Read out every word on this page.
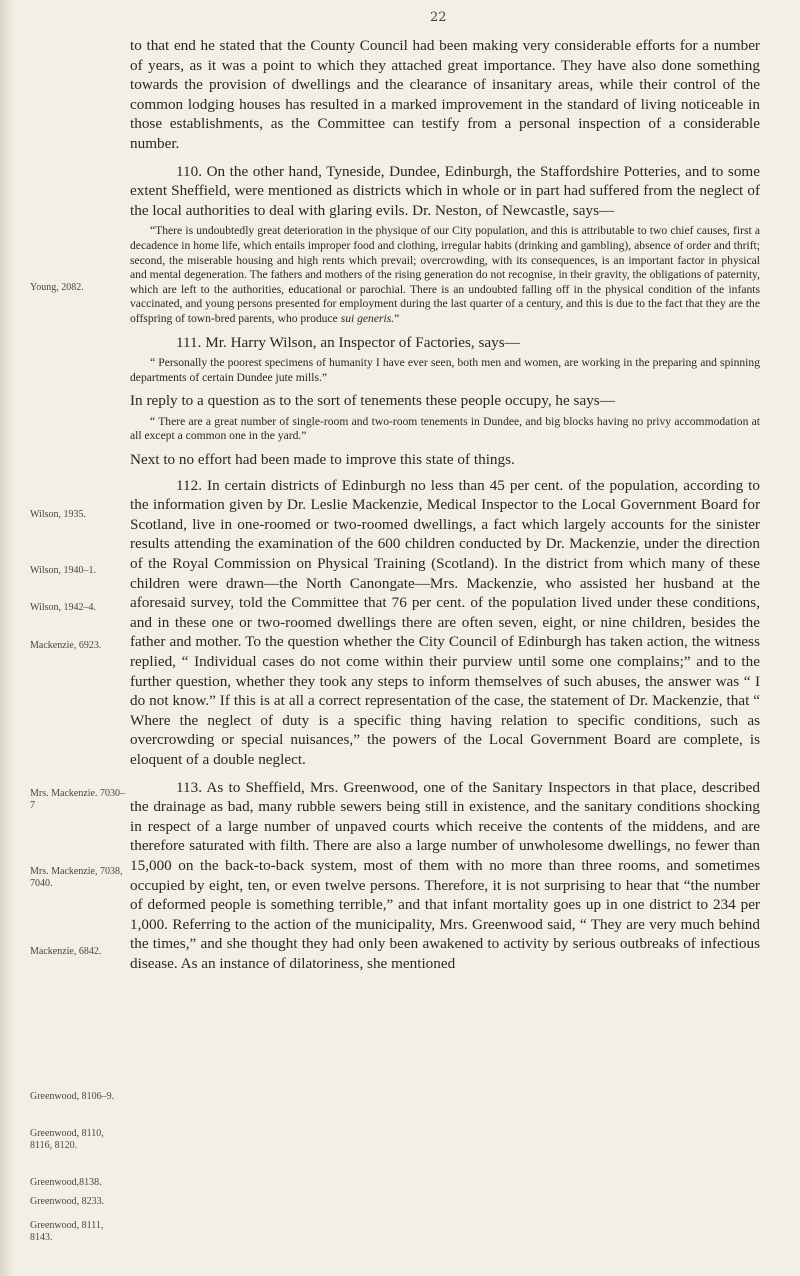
22
Young, 2082.
Wilson, 1935.
Wilson, 1940–1.
Wilson, 1942–4.
Mackenzie, 6923.
Mrs. Mackenzie. 7030–7
Mrs. Mackenzie, 7038, 7040.
Mackenzie, 6842.
Greenwood, 8106–9.
Greenwood, 8110, 8116, 8120.
Greenwood,8138.
Greenwood, 8233.
Greenwood, 8111, 8143.

to that end he stated that the County Council had been making very considerable efforts for a number of years, as it was a point to which they attached great importance. They have also done something towards the provision of dwellings and the clearance of insanitary areas, while their control of the common lodging houses has resulted in a marked improvement in the standard of living noticeable in those establishments, as the Committee can testify from a personal inspection of a considerable number.

110. On the other hand, Tyneside, Dundee, Edinburgh, the Staffordshire Potteries, and to some extent Sheffield, were mentioned as districts which in whole or in part had suffered from the neglect of the local authorities to deal with glaring evils. Dr. Neston, of Newcastle, says—

“There is undoubtedly great deterioration in the physique of our City population, and this is attributable to two chief causes, first a decadence in home life, which entails improper food and clothing, irregular habits (drinking and gambling), absence of order and thrift; second, the miserable housing and high rents which prevail; overcrowding, with its consequences, is an important factor in physical and mental degeneration. The fathers and mothers of the rising generation do not recognise, in their gravity, the obligations of paternity, which are left to the authorities, educational or parochial. There is an undoubted falling off in the physical condition of the infants vaccinated, and young persons presented for employment during the last quarter of a century, and this is due to the fact that they are the offspring of town-bred parents, who produce sui generis.”

111. Mr. Harry Wilson, an Inspector of Factories, says—

“ Personally the poorest specimens of humanity I have ever seen, both men and women, are working in the preparing and spinning departments of certain Dundee jute mills.”

In reply to a question as to the sort of tenements these people occupy, he says—

“ There are a great number of single-room and two-room tenements in Dundee, and big blocks having no privy accommodation at all except a common one in the yard.”

Next to no effort had been made to improve this state of things.

112. In certain districts of Edinburgh no less than 45 per cent. of the population, according to the information given by Dr. Leslie Mackenzie, Medical Inspector to the Local Government Board for Scotland, live in one-roomed or two-roomed dwellings, a fact which largely accounts for the sinister results attending the examination of the 600 children conducted by Dr. Mackenzie, under the direction of the Royal Commission on Physical Training (Scotland). In the district from which many of these children were drawn—the North Canongate—Mrs. Mackenzie, who assisted her husband at the aforesaid survey, told the Committee that 76 per cent. of the population lived under these conditions, and in these one or two-roomed dwellings there are often seven, eight, or nine children, besides the father and mother. To the question whether the City Council of Edinburgh has taken action, the witness replied, “ Individual cases do not come within their purview until some one complains;” and to the further question, whether they took any steps to inform themselves of such abuses, the answer was “ I do not know.” If this is at all a correct representation of the case, the statement of Dr. Mackenzie, that “ Where the neglect of duty is a specific thing having relation to specific conditions, such as overcrowding or special nuisances,” the powers of the Local Government Board are complete, is eloquent of a double neglect.

113. As to Sheffield, Mrs. Greenwood, one of the Sanitary Inspectors in that place, described the drainage as bad, many rubble sewers being still in existence, and the sanitary conditions shocking in respect of a large number of unpaved courts which receive the contents of the middens, and are therefore saturated with filth. There are also a large number of unwholesome dwellings, no fewer than 15,000 on the back-to-back system, most of them with no more than three rooms, and sometimes occupied by eight, ten, or even twelve persons. Therefore, it is not surprising to hear that “the number of deformed people is something terrible,” and that infant mortality goes up in one district to 234 per 1,000. Referring to the action of the municipality, Mrs. Greenwood said, “ They are very much behind the times,” and she thought they had only been awakened to activity by serious outbreaks of infectious disease. As an instance of dilatoriness, she mentioned
